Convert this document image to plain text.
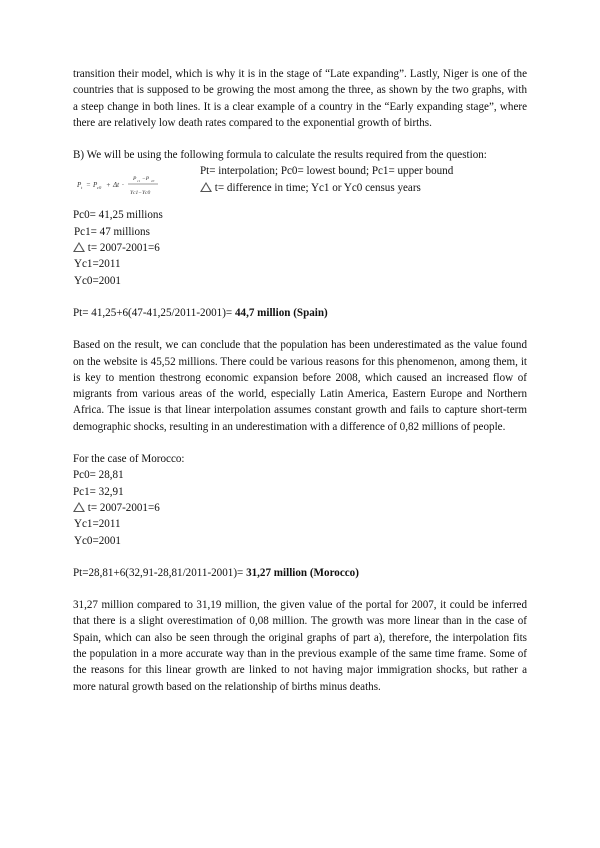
transition their model, which is why it is in the stage of “Late expanding”. Lastly, Niger is one of the countries that is supposed to be growing the most among the three, as shown by the two graphs, with a steep change in both lines. It is a clear example of a country in the “Early expanding stage”, where there are relatively low death rates compared to the exponential growth of births.

B) We will be using the following formula to calculate the results required from the question:

P t = P c0 + Δt ·
P c1 −P c0
Yc1−Yc0
Pt= interpolation; Pc0= lowest bound; Pc1= upper bound
t= difference in time; Yc1 or Yc0 census years
Pc0= 41,25 millions
Pc1= 47 millions
t= 2007-2001=6
Yc1=2011
Yc0=2001
Pt= 41,25+6(47-41,25/2011-2001)= 44,7 million (Spain)

Based on the result, we can conclude that the population has been underestimated as the value found on the website is 45,52 millions. There could be various reasons for this phenomenon, among them, it is key to mention thestrong economic expansion before 2008, which caused an increased flow of migrants from various areas of the world, especially Latin America, Eastern Europe and Northern Africa. The issue is that linear interpolation assumes constant growth and fails to capture short-term demographic shocks, resulting in an underestimation with a difference of 0,82 millions of people.

For the case of Morocco:
Pc0= 28,81
Pc1= 32,91
t= 2007-2001=6
Yc1=2011
Yc0=2001
Pt=28,81+6(32,91-28,81/2011-2001)= 31,27 million (Morocco)

31,27 million compared to 31,19 million, the given value of the portal for 2007, it could be inferred that there is a slight overestimation of 0,08 million. The growth was more linear than in the case of Spain, which can also be seen through the original graphs of part a), therefore, the interpolation fits the population in a more accurate way than in the previous example of the same time frame. Some of the reasons for this linear growth are linked to not having major immigration shocks, but rather a more natural growth based on the relationship of births minus deaths.
